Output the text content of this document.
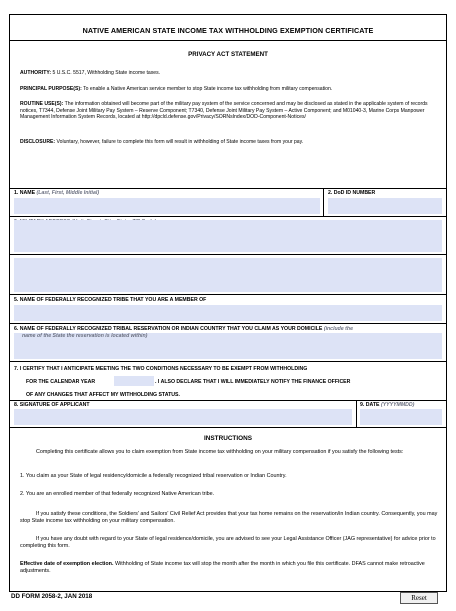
NATIVE AMERICAN STATE INCOME TAX WITHHOLDING EXEMPTION CERTIFICATE
PRIVACY ACT STATEMENT
AUTHORITY: 5 U.S.C. 5517, Withholding State income taxes.
PRINCIPAL PURPOSE(S): To enable a Native American service member to stop State income tax withholding from military compensation.
ROUTINE USE(S): The information obtained will become part of the military pay system of the service concerned and may be disclosed as stated in the applicable system of records notices, T7344, Defense Joint Military Pay System – Reserve Component; T7340, Defense Joint Military Pay System – Active Component; and M01040-3, Marine Corps Manpower Management Information System Records, located at http://dpcld.defense.gov/Privacy/SORNsIndex/DOD-Component-Notices/
DISCLOSURE: Voluntary, however, failure to complete this form will result in withholding of State income taxes from your pay.
1. NAME (Last, First, Middle Initial)	2. DoD ID NUMBER
5. NAME OF FEDERALLY RECOGNIZED TRIBE THAT YOU ARE A MEMBER OF
6. NAME OF FEDERALLY RECOGNIZED TRIBAL RESERVATION OR INDIAN COUNTRY THAT YOU CLAIM AS YOUR DOMICILE (include the
name of the State the reservation is located within)
7. I CERTIFY THAT I ANTICIPATE MEETING THE TWO CONDITIONS NECESSARY TO BE EXEMPT FROM WITHHOLDING
FOR THE CALENDAR YEAR	. I ALSO DECLARE THAT I WILL IMMEDIATELY NOTIFY THE FINANCE OFFICER
OF ANY CHANGES THAT AFFECT MY WITHHOLDING STATUS.
8. SIGNATURE OF APPLICANT	9. DATE (YYYYMMDD)
INSTRUCTIONS
Completing this certificate allows you to claim exemption from State income tax withholding on your military compensation if you satisfy the following tests:
1. You claim as your State of legal residency/domicile a federally recognized tribal reservation or Indian Country.
2. You are an enrolled member of that federally recognized Native American tribe.
If you satisfy these conditions, the Soldiers' and Sailors' Civil Relief Act provides that your tax home remains on the reservation/in Indian country. Consequently, you may stop State income tax withholding on your military compensation.
If you have any doubt with regard to your State of legal residence/domicile, you are advised to see your Legal Assistance Officer (JAG representative) for advice prior to completing this form.
Effective date of exemption election. Withholding of State income tax will stop the month after the month in which you file this certificate. DFAS cannot make retroactive adjustments.
DD FORM 2058-2, JAN 2018	Reset
